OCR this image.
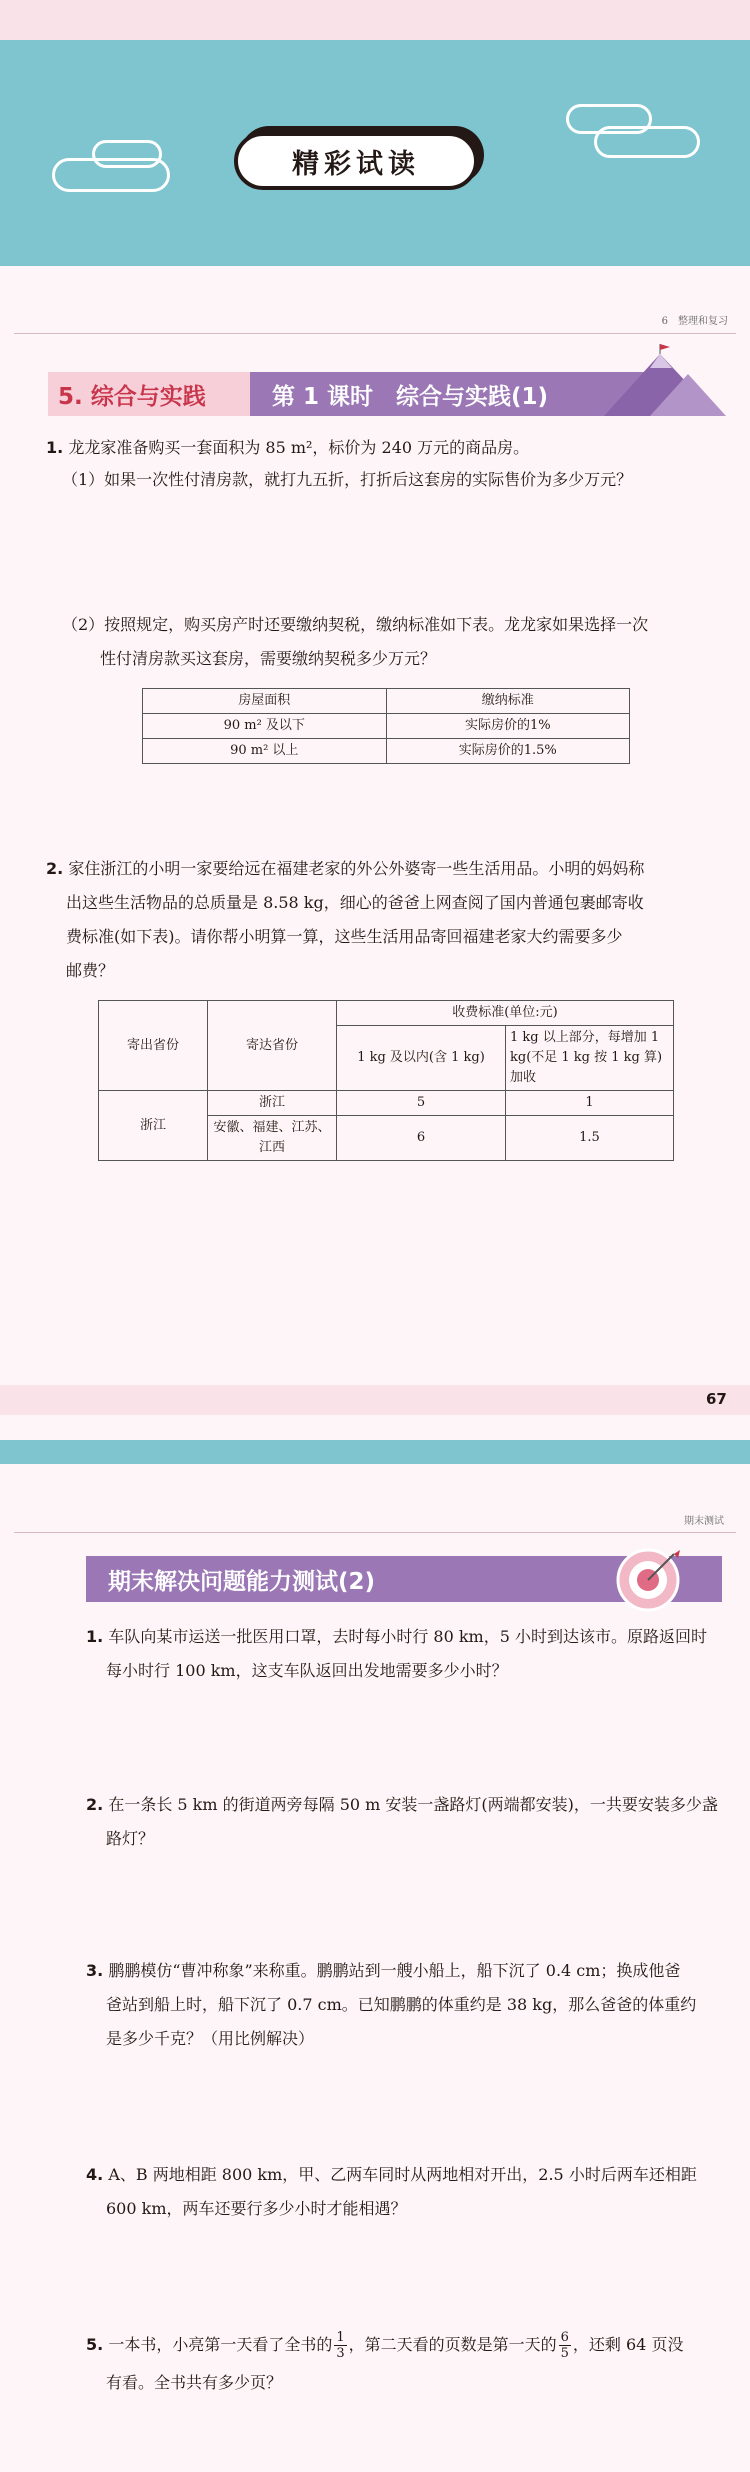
精彩试读
6　整理和复习
5. 综合与实践	第 1 课时　综合与实践(1)
1. 龙龙家准备购买一套面积为 85 m²，标价为 240 万元的商品房。
（1）如果一次性付清房款，就打九五折，打折后这套房的实际售价为多少万元？
（2）按照规定，购买房产时还要缴纳契税，缴纳标准如下表。龙龙家如果选择一次
性付清房款买这套房，需要缴纳契税多少万元？
房屋面积	缴纳标准
90 m² 及以下	实际房价的1%
90 m² 以上	实际房价的1.5%
2. 家住浙江的小明一家要给远在福建老家的外公外婆寄一些生活用品。小明的妈妈称
出这些生活物品的总质量是 8.58 kg，细心的爸爸上网查阅了国内普通包裹邮寄收
费标准(如下表)。请你帮小明算一算，这些生活用品寄回福建老家大约需要多少
邮费？
寄出省份	寄达省份	收费标准(单位:元)	
		1 kg 及以内(含 1 kg)	1 kg 以上部分，每增加 1 kg(不足 1 kg 按 1 kg 算)加收
浙江	浙江	5	1
	安徽、福建、江苏、江西	6	1.5
67
期末测试
期末解决问题能力测试(2)
1. 车队向某市运送一批医用口罩，去时每小时行 80 km，5 小时到达该市。原路返回时
每小时行 100 km，这支车队返回出发地需要多少小时？
2. 在一条长 5 km 的街道两旁每隔 50 m 安装一盏路灯(两端都安装)，一共要安装多少盏
路灯？
3. 鹏鹏模仿“曹冲称象”来称重。鹏鹏站到一艘小船上，船下沉了 0.4 cm；换成他爸
爸站到船上时，船下沉了 0.7 cm。已知鹏鹏的体重约是 38 kg，那么爸爸的体重约
是多少千克？（用比例解决）
4. A、B 两地相距 800 km，甲、乙两车同时从两地相对开出，2.5 小时后两车还相距
600 km，两车还要行多少小时才能相遇？
5. 一本书，小亮第一天看了全书的 $\frac{1}{3}$ ，第二天看的页数是第一天的 $\frac{6}{5}$ ，还剩 64 页没
有看。全书共有多少页？
